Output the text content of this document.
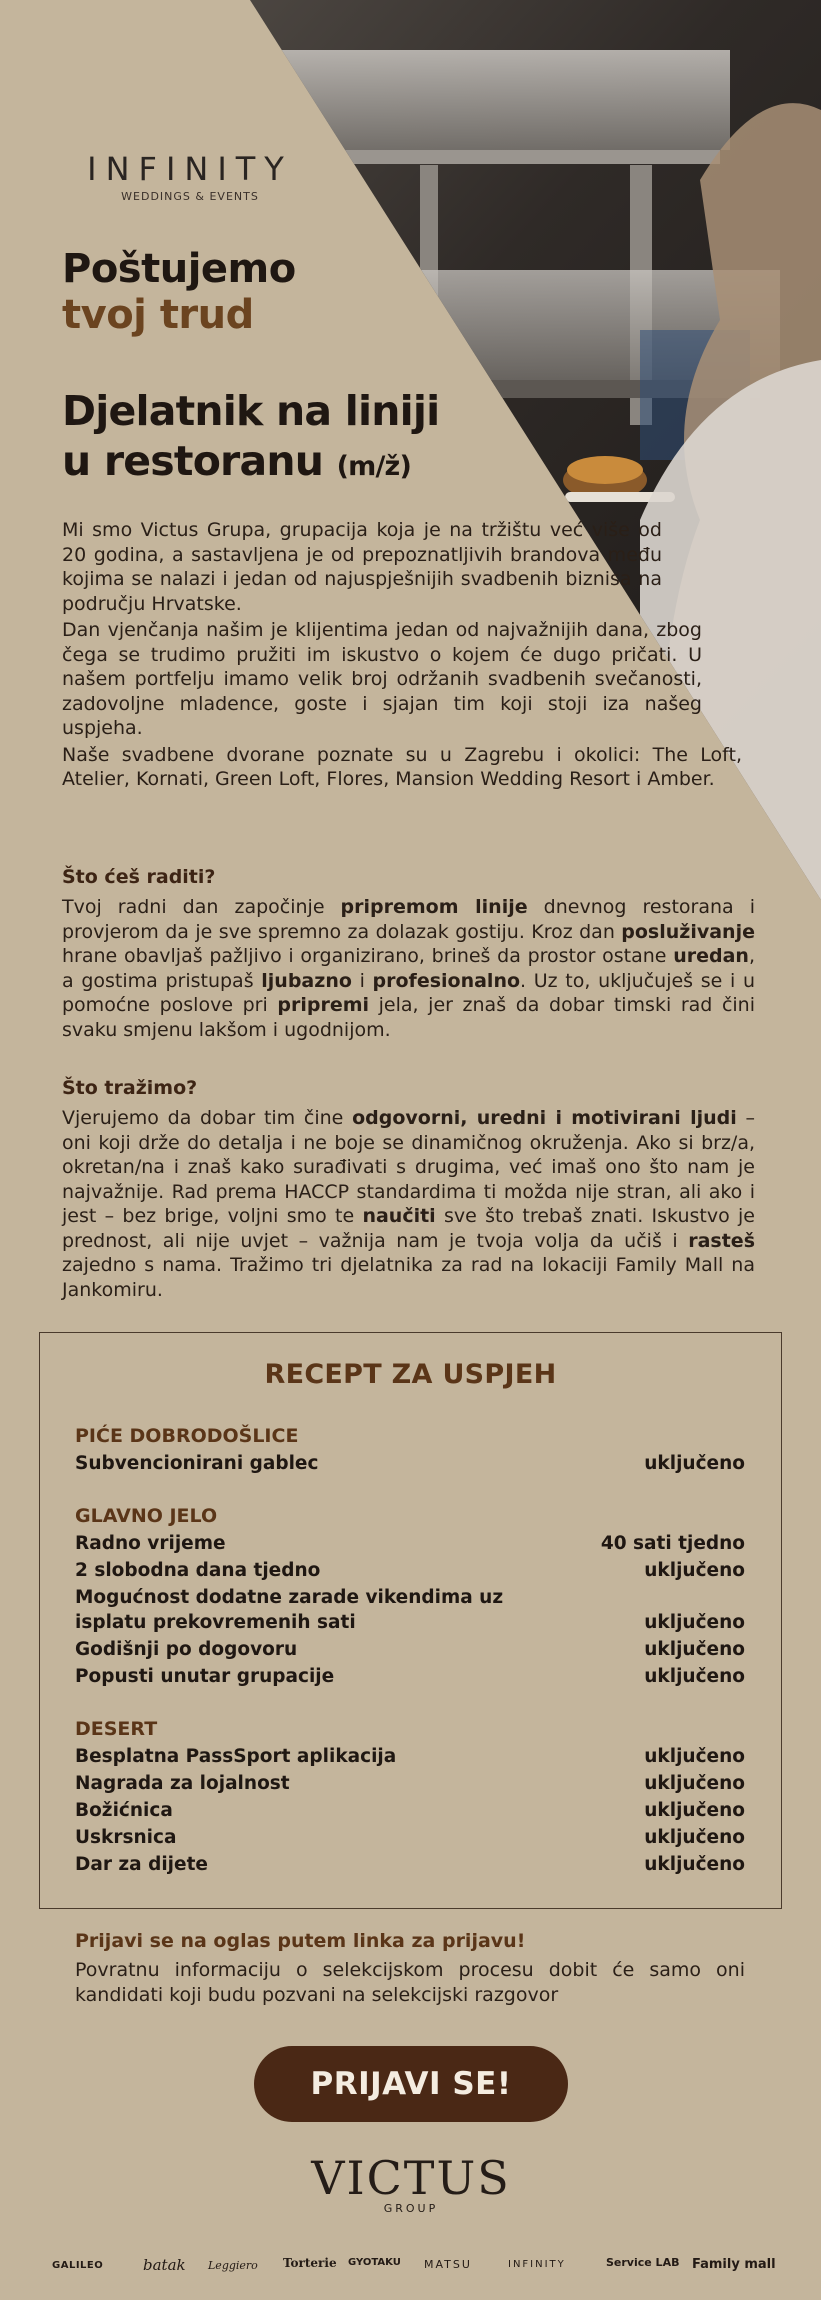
INFINITY
WEDDINGS & EVENTS
Poštujemo
tvoj trud
Djelatnik na liniji
u restoranu (m/ž)

Mi smo Victus Grupa, grupacija koja je na tržištu već više od 20 godina, a sastavljena je od prepoznatljivih brandova među kojima se nalazi i jedan od najuspješnijih svadbenih biznisa na području Hrvatske.

Dan vjenčanja našim je klijentima jedan od najvažnijih dana, zbog čega se trudimo pružiti im iskustvo o kojem će dugo pričati. U našem portfelju imamo velik broj održanih svadbenih svečanosti, zadovoljne mladence, goste i sjajan tim koji stoji iza našeg uspjeha.

Naše svadbene dvorane poznate su u Zagrebu i okolici: The Loft, Atelier, Kornati, Green Loft, Flores, Mansion Wedding Resort i Amber.

Što ćeš raditi?
Tvoj radni dan započinje pripremom linije dnevnog restorana i provjerom da je sve spremno za dolazak gostiju. Kroz dan posluživanje hrane obavljaš pažljivo i organizirano, brineš da prostor ostane uredan, a gostima pristupaš ljubazno i profesionalno. Uz to, uključuješ se i u pomoćne poslove pri pripremi jela, jer znaš da dobar timski rad čini svaku smjenu lakšom i ugodnijom.
Što tražimo?
Vjerujemo da dobar tim čine odgovorni, uredni i motivirani ljudi – oni koji drže do detalja i ne boje se dinamičnog okruženja. Ako si brz/a, okretan/na i znaš kako surađivati s drugima, već imaš ono što nam je najvažnije. Rad prema HACCP standardima ti možda nije stran, ali ako i jest – bez brige, voljni smo te naučiti sve što trebaš znati. Iskustvo je prednost, ali nije uvjet – važnija nam je tvoja volja da učiš i rasteš zajedno s nama. Tražimo tri djelatnika za rad na lokaciji Family Mall na Jankomiru.
RECEPT ZA USPJEH
PIĆE DOBRODOŠLICE
Subvencionirani gablec	uključeno
GLAVNO JELO
Radno vrijeme	40 sati tjedno
2 slobodna dana tjedno	uključeno
Mogućnost dodatne zarade vikendima uz isplatu prekovremenih sati	uključeno
Godišnji po dogovoru	uključeno
Popusti unutar grupacije	uključeno
DESERT
Besplatna PassSport aplikacija	uključeno
Nagrada za lojalnost	uključeno
Božićnica	uključeno
Uskrsnica	uključeno
Dar za dijete	uključeno
Prijavi se na oglas putem linka za prijavu!
Povratnu informaciju o selekcijskom procesu dobit će samo oni kandidati koji budu pozvani na selekcijski razgovor
PRIJAVI SE!
VICTUS
GROUP
GALILEO	batak Leggiero Torterie GYOTAKU MATSU	INFINITY	Service LAB Family mall
